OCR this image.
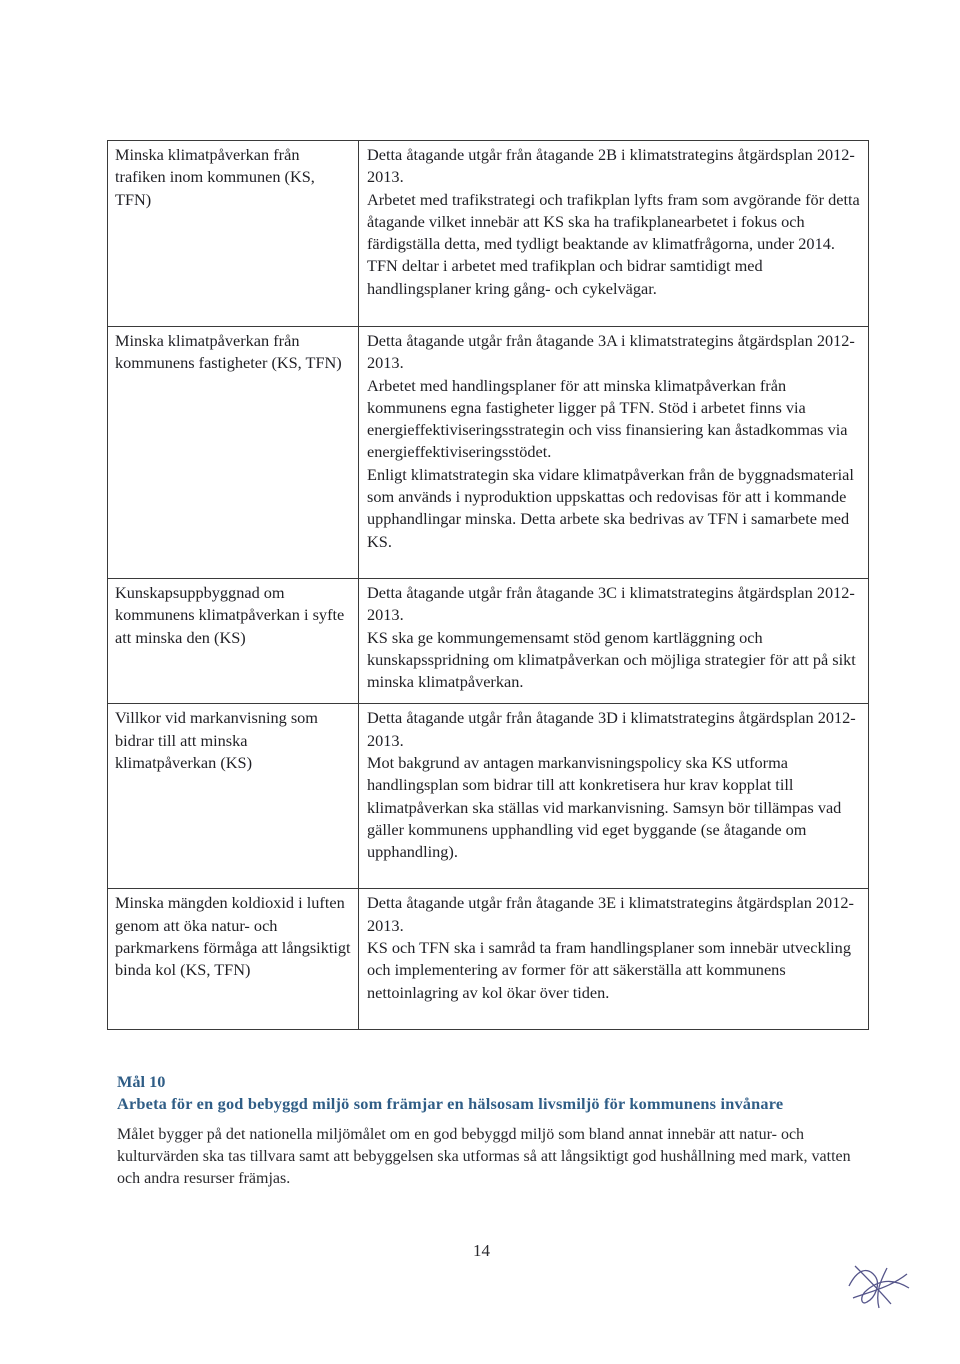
Minska klimatpåverkan från trafiken inom kommunen (KS, TFN)	Detta åtagande utgår från åtagande 2B i klimatstrategins åtgärdsplan 2012-2013.
Arbetet med trafikstrategi och trafikplan lyfts fram som avgörande för detta åtagande vilket innebär att KS ska ha trafikplanearbetet i fokus och färdigställa detta, med tydligt beaktande av klimatfrågorna, under 2014. TFN deltar i arbetet med trafikplan och bidrar samtidigt med handlingsplaner kring gång- och cykelvägar.

Minska klimatpåverkan från kommunens fastigheter (KS, TFN)	Detta åtagande utgår från åtagande 3A i klimatstrategins åtgärdsplan 2012-2013.
Arbetet med handlingsplaner för att minska klimatpåverkan från kommunens egna fastigheter ligger på TFN. Stöd i arbetet finns via energieffektiviseringsstrategin och viss finansiering kan åstadkommas via energieffektiviseringsstödet.
Enligt klimatstrategin ska vidare klimatpåverkan från de byggnadsmaterial som används i nyproduktion uppskattas och redovisas för att i kommande upphandlingar minska. Detta arbete ska bedrivas av TFN i samarbete med KS.

Kunskapsuppbyggnad om kommunens klimatpåverkan i syfte att minska den (KS)	Detta åtagande utgår från åtagande 3C i klimatstrategins åtgärdsplan 2012-2013.
KS ska ge kommungemensamt stöd genom kartläggning och kunskapsspridning om klimatpåverkan och möjliga strategier för att på sikt minska klimatpåverkan.

Villkor vid markanvisning som bidrar till att minska klimatpåverkan (KS)	Detta åtagande utgår från åtagande 3D i klimatstrategins åtgärdsplan 2012-2013.
Mot bakgrund av antagen markanvisningspolicy ska KS utforma handlingsplan som bidrar till att konkretisera hur krav kopplat till klimatpåverkan ska ställas vid markanvisning. Samsyn bör tillämpas vad gäller kommunens upphandling vid eget byggande (se åtagande om upphandling).

Minska mängden koldioxid i luften genom att öka natur- och parkmarkens förmåga att långsiktigt binda kol (KS, TFN)	Detta åtagande utgår från åtagande 3E i klimatstrategins åtgärdsplan 2012-2013.
KS och TFN ska i samråd ta fram handlingsplaner som innebär utveckling och implementering av former för att säkerställa att kommunens nettoinlagring av kol ökar över tiden.
Mål 10
Arbeta för en god bebyggd miljö som främjar en hälsosam livsmiljö för kommunens invånare
Målet bygger på det nationella miljömålet om en god bebyggd miljö som bland annat innebär att natur- och kulturvärden ska tas tillvara samt att bebyggelsen ska utformas så att långsiktigt god hushållning med mark, vatten och andra resurser främjas.
14
